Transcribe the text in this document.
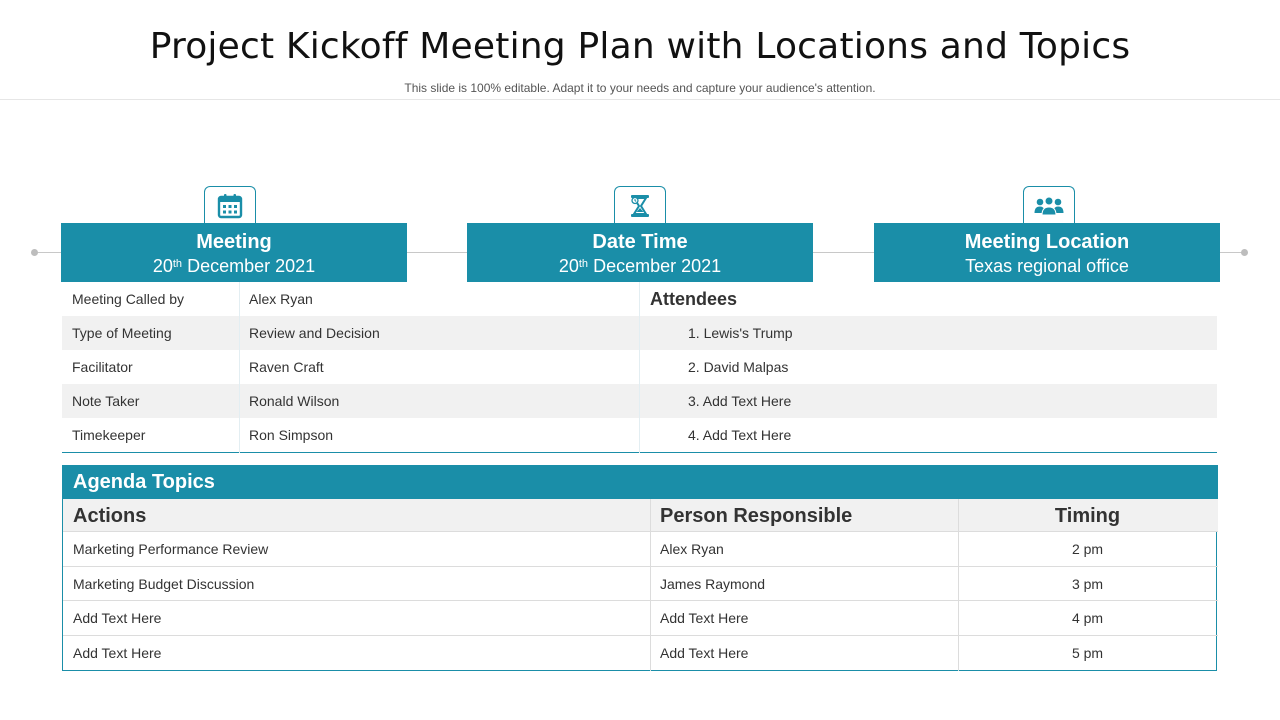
Project Kickoff Meeting Plan with Locations and Topics
This slide is 100% editable. Adapt it to your needs and capture your audience's attention.
Meeting
20th December 2021
Date Time
20th December 2021
Meeting Location
Texas regional office
Meeting Called by	Alex Ryan
Type of Meeting	Review and Decision
Facilitator	Raven Craft
Note Taker	Ronald Wilson
Timekeeper	Ron Simpson
Attendees
1. Lewis's Trump
2. David Malpas
3. Add Text Here
4. Add Text Here
Agenda Topics
Actions	Person Responsible	Timing
Marketing Performance Review	Alex Ryan	2 pm
Marketing Budget Discussion	James Raymond	3 pm
Add Text Here	Add Text Here	4 pm
Add Text Here	Add Text Here	5 pm
